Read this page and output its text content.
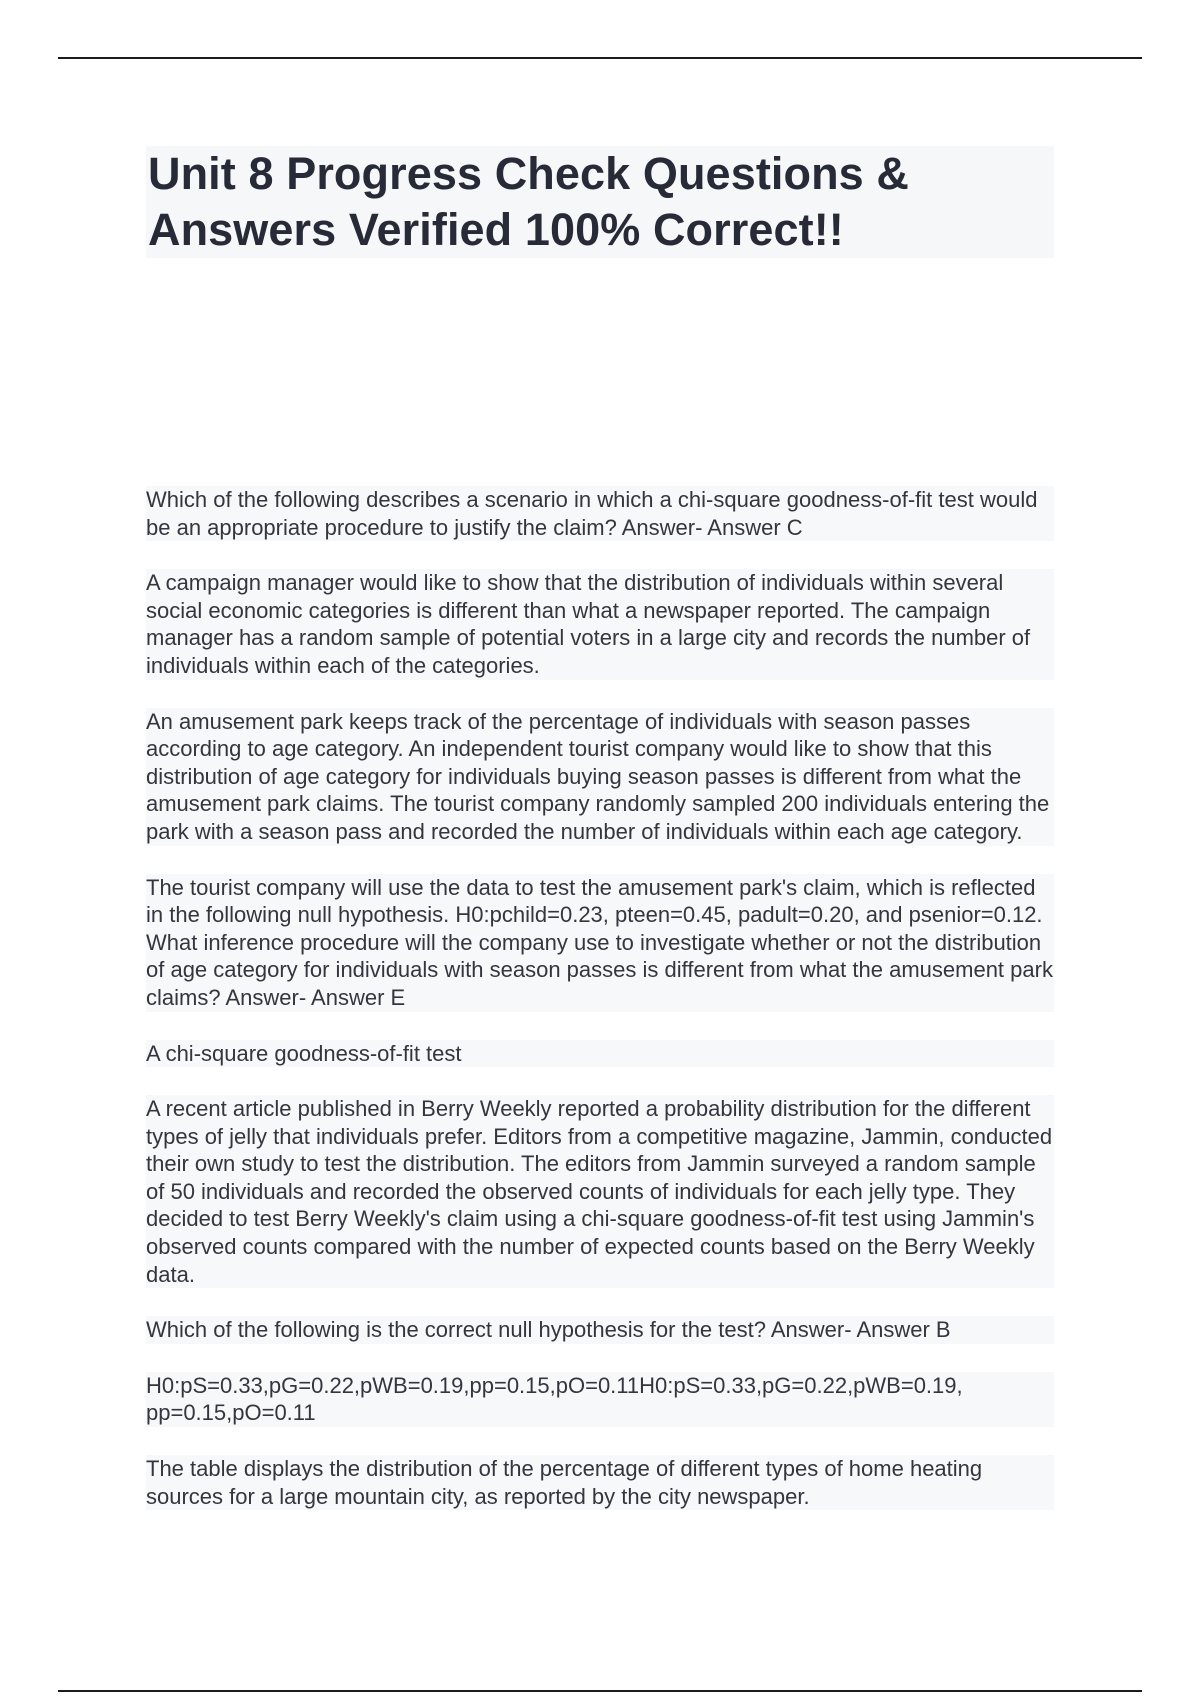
Unit 8 Progress Check Questions & Answers Verified 100% Correct!!

Which of the following describes a scenario in which a chi-square goodness-of-fit test would be an appropriate procedure to justify the claim? Answer- Answer C

A campaign manager would like to show that the distribution of individuals within several social economic categories is different than what a newspaper reported. The campaign manager has a random sample of potential voters in a large city and records the number of individuals within each of the categories.

An amusement park keeps track of the percentage of individuals with season passes according to age category. An independent tourist company would like to show that this distribution of age category for individuals buying season passes is different from what the amusement park claims. The tourist company randomly sampled 200 individuals entering the park with a season pass and recorded the number of individuals within each age category.

The tourist company will use the data to test the amusement park's claim, which is reflected in the following null hypothesis. H0:pchild=0.23, pteen=0.45, padult=0.20, and psenior=0.12. What inference procedure will the company use to investigate whether or not the distribution of age category for individuals with season passes is different from what the amusement park claims? Answer- Answer E

A chi-square goodness-of-fit test

A recent article published in Berry Weekly reported a probability distribution for the different types of jelly that individuals prefer. Editors from a competitive magazine, Jammin, conducted their own study to test the distribution. The editors from Jammin surveyed a random sample of 50 individuals and recorded the observed counts of individuals for each jelly type. They decided to test Berry Weekly's claim using a chi-square goodness-of-fit test using Jammin's observed counts compared with the number of expected counts based on the Berry Weekly data.

Which of the following is the correct null hypothesis for the test? Answer- Answer B

H0:pS=0.33,pG=0.22,pWB=0.19,pp=0.15,pO=0.11H0:pS=0.33,pG=0.22,pWB=0.19, pp=0.15,pO=0.11

The table displays the distribution of the percentage of different types of home heating sources for a large mountain city, as reported by the city newspaper.
